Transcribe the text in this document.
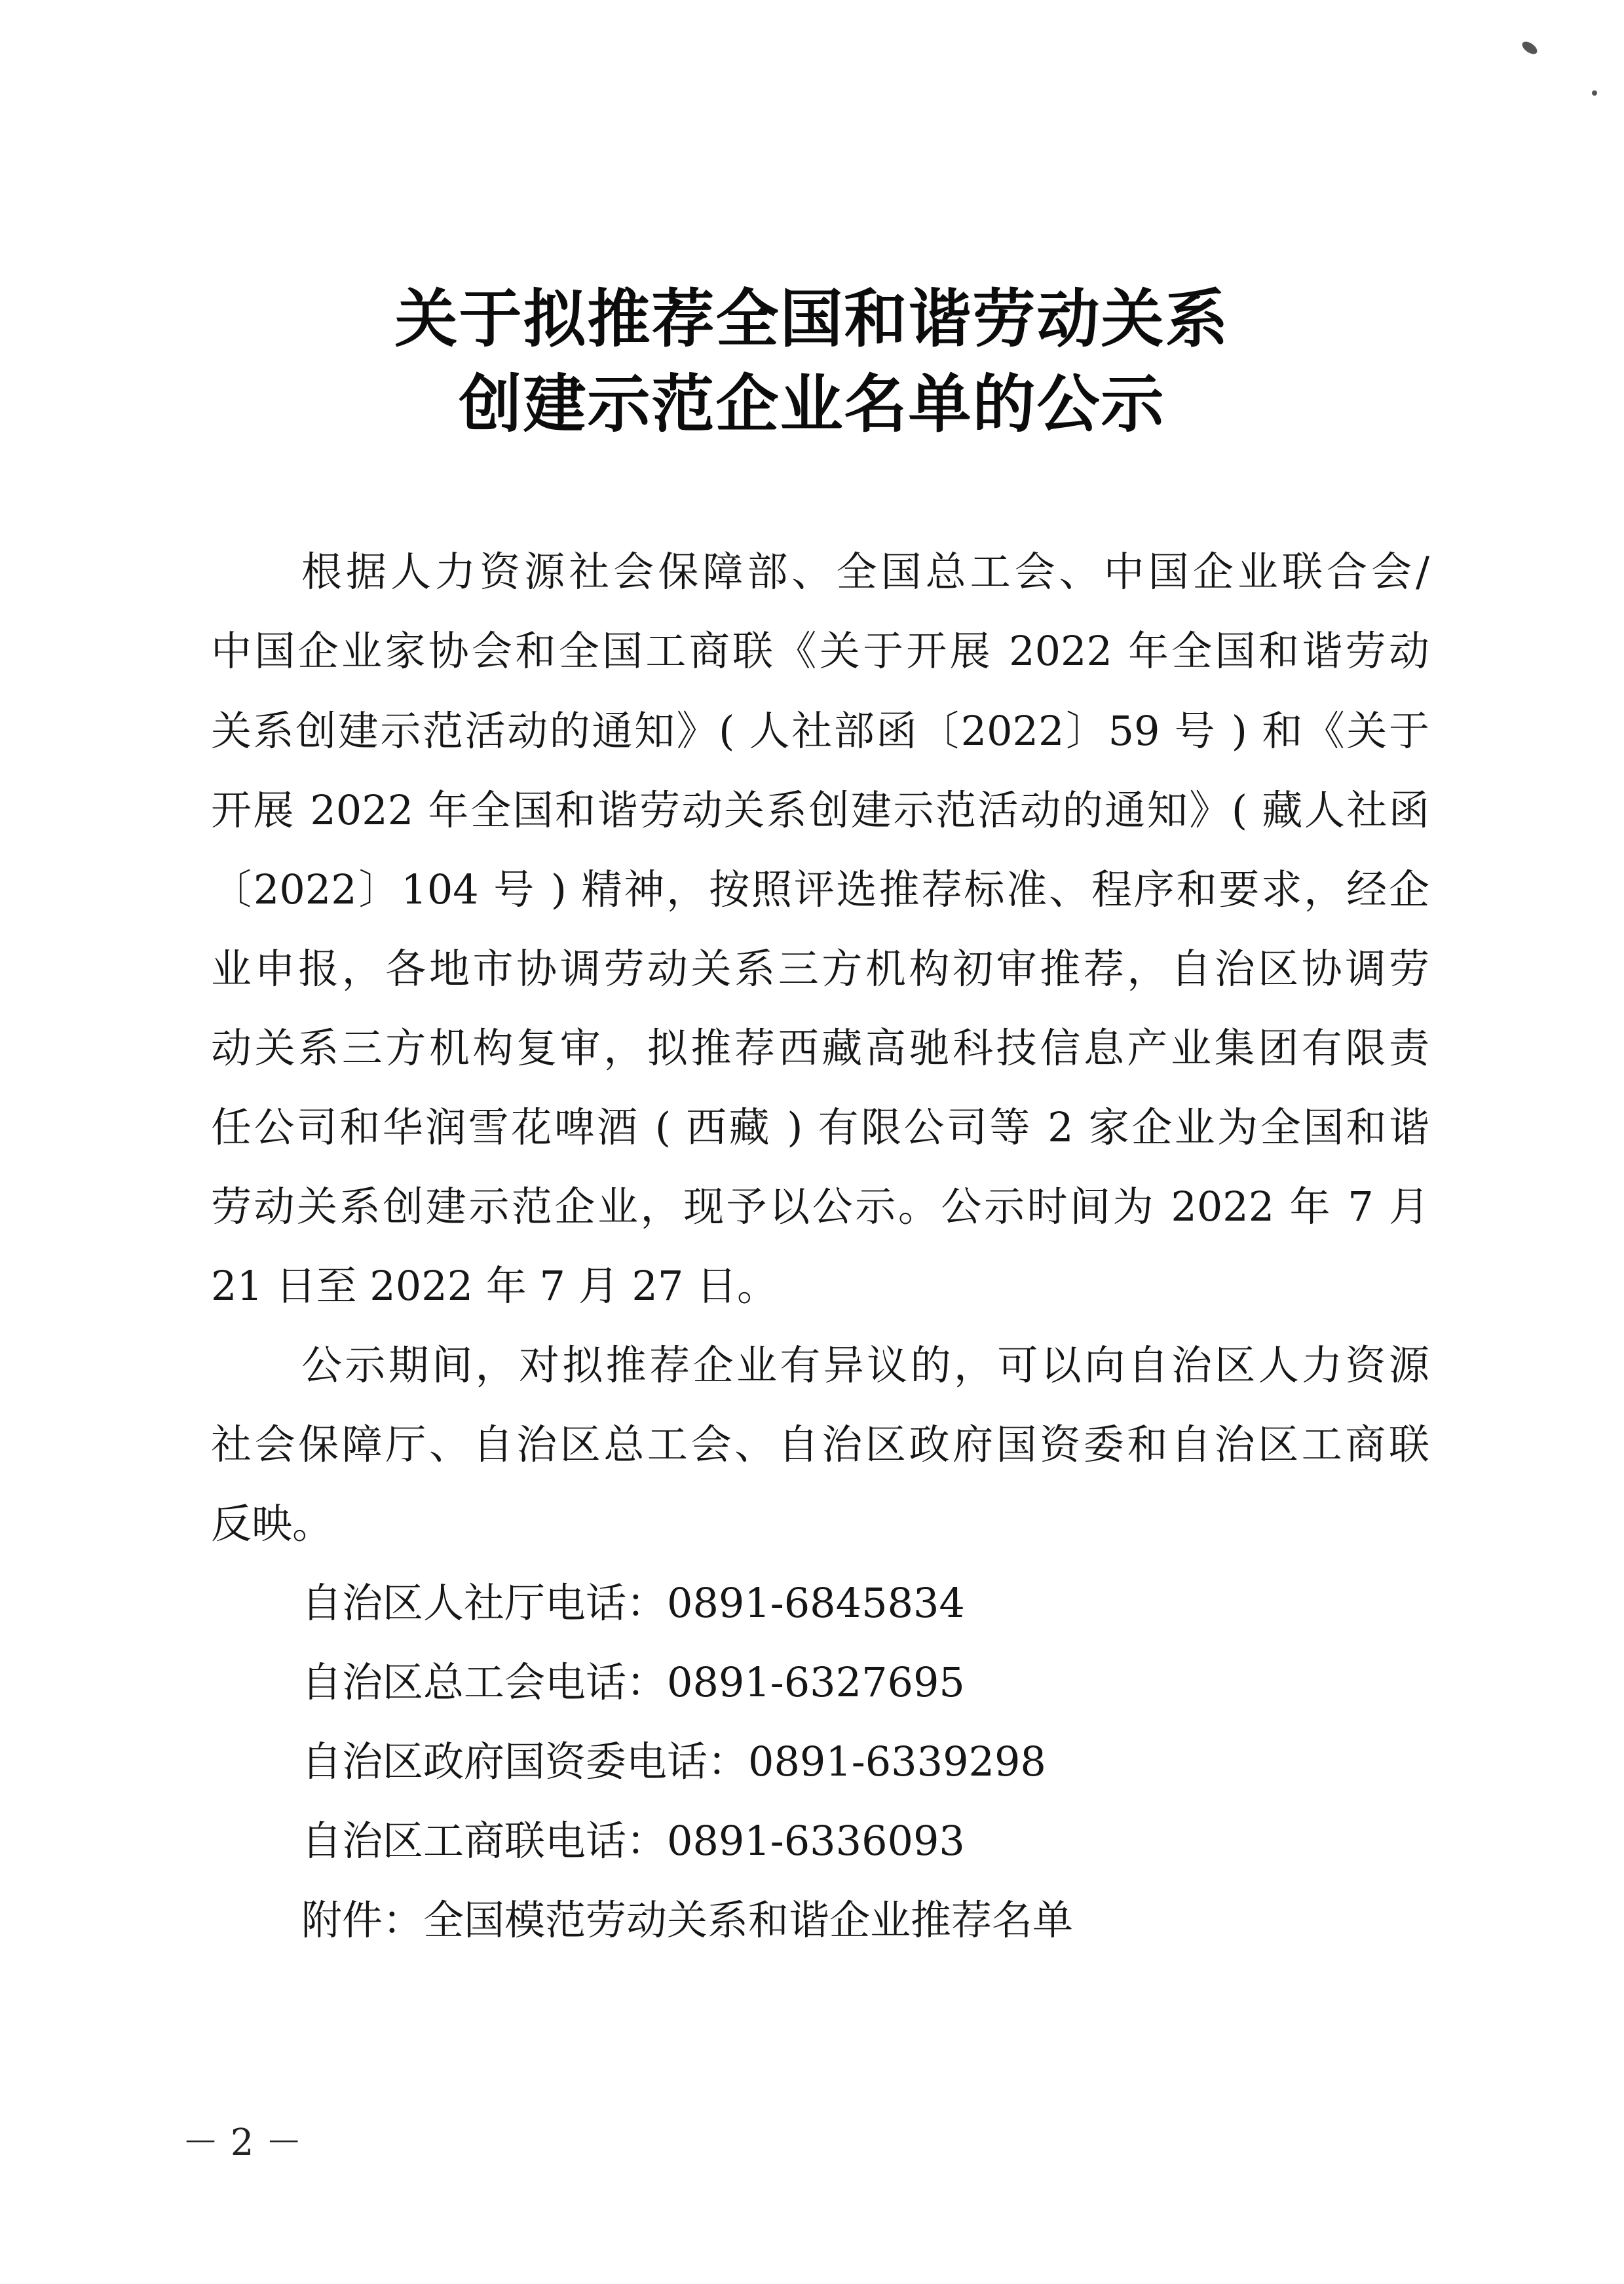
关于拟推荐全国和谐劳动关系
创建示范企业名单的公示
根据人力资源社会保障部、全国总工会、中国企业联合会/
中国企业家协会和全国工商联《关于开展 2022 年全国和谐劳动
关系创建示范活动的通知》( 人社部函〔2022〕59 号 ) 和《关于
开展 2022 年全国和谐劳动关系创建示范活动的通知》( 藏人社函
〔2022〕104 号 ) 精神，按照评选推荐标准、程序和要求，经企
业申报，各地市协调劳动关系三方机构初审推荐，自治区协调劳
动关系三方机构复审，拟推荐西藏高驰科技信息产业集团有限责
任公司和华润雪花啤酒 ( 西藏 ) 有限公司等 2 家企业为全国和谐
劳动关系创建示范企业，现予以公示。公示时间为 2022 年 7 月
21 日至 2022 年 7 月 27 日。
公示期间，对拟推荐企业有异议的，可以向自治区人力资源
社会保障厅、自治区总工会、自治区政府国资委和自治区工商联
反映。
自治区人社厅电话：0891-6845834
自治区总工会电话：0891-6327695
自治区政府国资委电话：0891-6339298
自治区工商联电话：0891-6336093
附件：全国模范劳动关系和谐企业推荐名单
－ 2 －
